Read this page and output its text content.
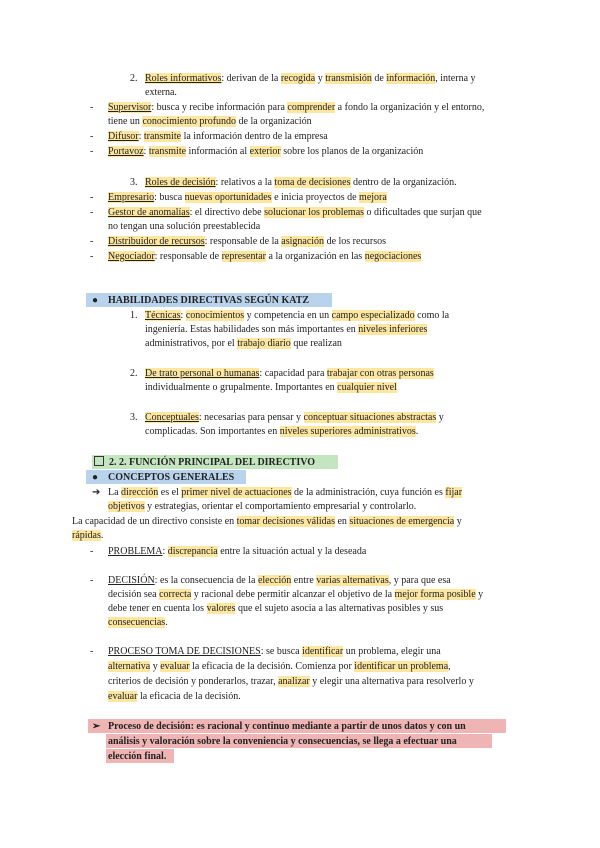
2. Roles informativos: derivan de la recogida y transmisión de información, interna y
externa.
- Supervisor: busca y recibe información para comprender a fondo la organización y el entorno,
tiene un conocimiento profundo de la organización
- Difusor: transmite la información dentro de la empresa
- Portavoz: transmite información al exterior sobre los planos de la organización
3. Roles de decisión: relativos a la toma de decisiones dentro de la organización.
- Empresario: busca nuevas oportunidades e inicia proyectos de mejora
- Gestor de anomalías: el directivo debe solucionar los problemas o dificultades que surjan que
no tengan una solución preestablecida
- Distribuidor de recursos: responsable de la asignación de los recursos
- Negociador: responsable de representar a la organización en las negociaciones
● HABILIDADES DIRECTIVAS SEGÚN KATZ
1. Técnicas: conocimientos y competencia en un campo especializado como la
ingeniería. Estas habilidades son más importantes en niveles inferiores
administrativos, por el trabajo diario que realizan
2. De trato personal o humanas: capacidad para trabajar con otras personas
individualmente o grupalmente. Importantes en cualquier nivel
3. Conceptuales: necesarias para pensar y conceptuar situaciones abstractas y
complicadas. Son importantes en niveles superiores administrativos.
2. 2. FUNCIÓN PRINCIPAL DEL DIRECTIVO
● CONCEPTOS GENERALES
➔ La dirección es el primer nivel de actuaciones de la administración, cuya función es fijar
objetivos y estrategias, orientar el comportamiento empresarial y controlarlo.
La capacidad de un directivo consiste en tomar decisiones válidas en situaciones de emergencia y
rápidas.
- PROBLEMA: discrepancia entre la situación actual y la deseada
- DECISIÓN: es la consecuencia de la elección entre varias alternativas, y para que esa
decisión sea correcta y racional debe permitir alcanzar el objetivo de la mejor forma posible y
debe tener en cuenta los valores que el sujeto asocia a las alternativas posibles y sus
consecuencias.
- PROCESO TOMA DE DECISIONES: se busca identificar un problema, elegir una
alternativa y evaluar la eficacia de la decisión. Comienza por identificar un problema,
criterios de decisión y ponderarlos, trazar, analizar y elegir una alternativa para resolverlo y
evaluar la eficacia de la decisión.
➢ Proceso de decisión: es racional y continuo mediante a partir de unos datos y con un
análisis y valoración sobre la conveniencia y consecuencias, se llega a efectuar una
elección final.
